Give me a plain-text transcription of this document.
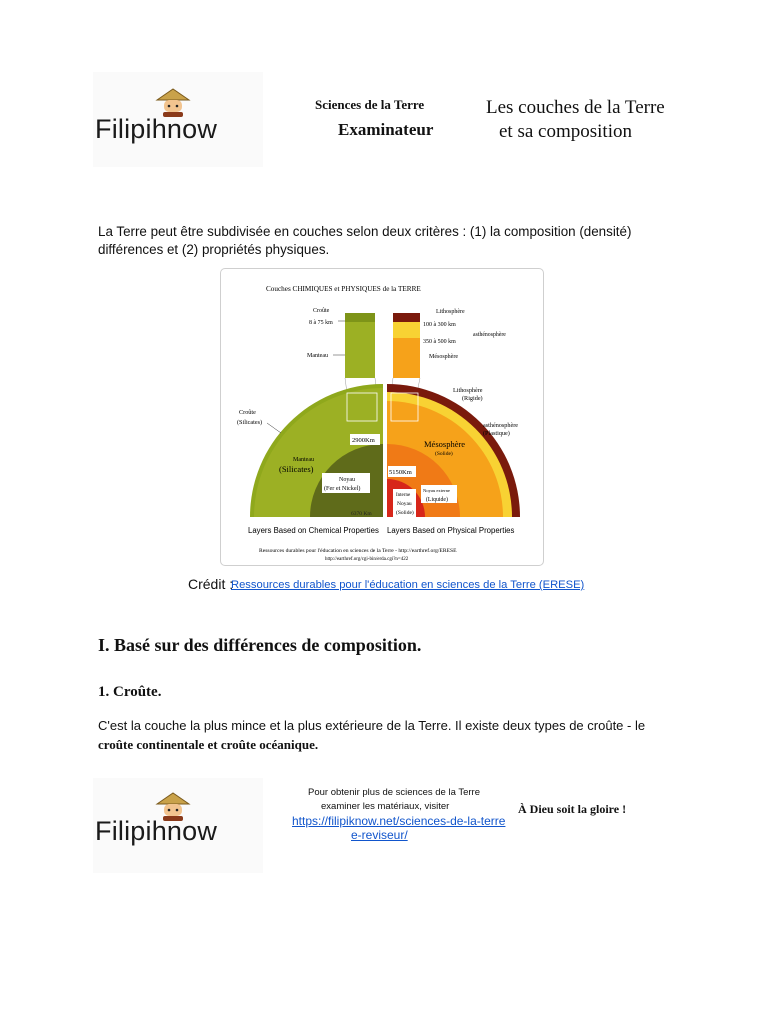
Filipihnow
Sciences de la Terre
Examinateur
Les couches de la Terre
et sa composition
La Terre peut être subdivisée en couches selon deux critères : (1) la composition (densité)
différences et (2) propriétés physiques.
Couches CHIMIQUES et PHYSIQUES de la TERRE
Croûte
8 à 75 km
Manteau
Lithosphère
100 à 300 km
asthénosphère
350 à 500 km
Mésosphère
Croûte
(Silicates)
2900Km
Manteau
(Silicates)
Noyau
(Fer et Nickel)
6370 Km
Lithosphère
(Rigide)
asthénosphère
(Plastique)
Mésosphère
(Solide)
5150Km
Noyau externe
(Liquide)
Interne
Noyau
(Solide)
Layers Based on Chemical Properties Layers Based on Physical Properties
Ressources durables pour l'éducation en sciences de la Terre - http://earthref.org/ERESE
http://earthref.org/cgi-bin/erda.cgi?n=422
Crédit :
Ressources durables pour l'éducation en sciences de la Terre (ERESE)
I. Basé sur des différences de composition.
1. Croûte.
C'est la couche la plus mince et la plus extérieure de la Terre. Il existe deux types de croûte - le
croûte continentale et croûte océanique.
Filipihnow
Pour obtenir plus de sciences de la Terre
examiner les matériaux, visiter
https://filipiknow.net/sciences-de-la-terre
e-reviseur/
À Dieu soit la gloire !
